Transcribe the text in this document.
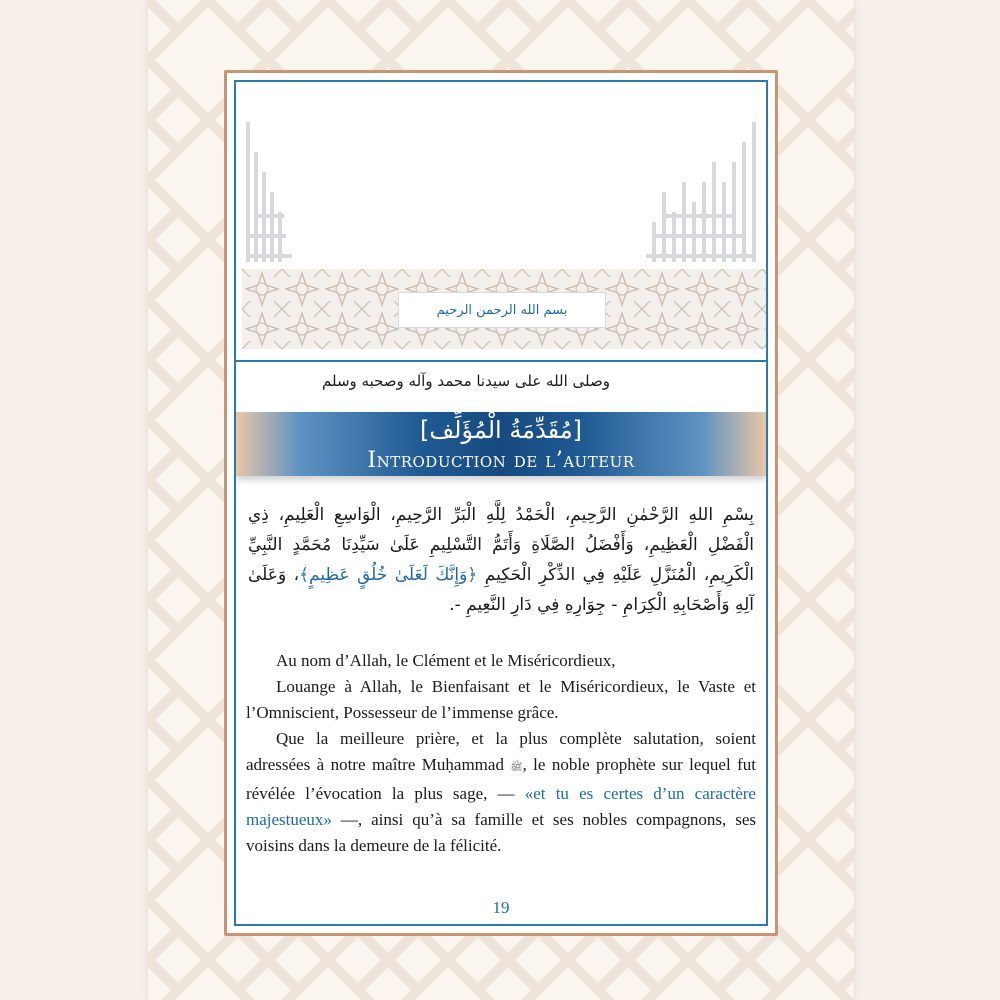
بسم الله الرحمن الرحيم
وصلى الله على سيدنا محمد وآله وصحبه وسلم
[مُقَدِّمَةُ الْمُؤَلِّف]
Introduction de l’auteur
بِسْمِ اللهِ الرَّحْمٰنِ الرَّحِيمِ، الْحَمْدُ لِلَّهِ الْبَرِّ الرَّحِيمِ، الْوَاسِعِ الْعَلِيمِ، ذِي الْفَضْلِ الْعَظِيمِ، وَأَفْضَلُ الصَّلَاةِ وَأَتَمُّ التَّسْلِيمِ عَلَىٰ سَيِّدِنَا مُحَمَّدٍ النَّبِيِّ الْكَرِيمِ، الْمُنَزَّلِ عَلَيْهِ فِي الذِّكْرِ الْحَكِيمِ ﴿وَإِنَّكَ لَعَلَىٰ خُلُقٍ عَظِيمٍ﴾، وَعَلَىٰ آلِهِ وَأَصْحَابِهِ الْكِرَامِ - جِوَارِهِ فِي دَارِ النَّعِيمِ -.

Au nom d’Allah, le Clément et le Miséricordieux,

Louange à Allah, le Bienfaisant et le Miséricordieux, le Vaste et l’Omniscient, Possesseur de l’immense grâce.

Que la meilleure prière, et la plus complète salutation, soient adressées à notre maître Muḥammad ﷺ, le noble prophète sur lequel fut révélée l’évocation la plus sage, — «et tu es certes d’un caractère majestueux» —, ainsi qu’à sa famille et ses nobles compagnons, ses voisins dans la demeure de la félicité.

19
